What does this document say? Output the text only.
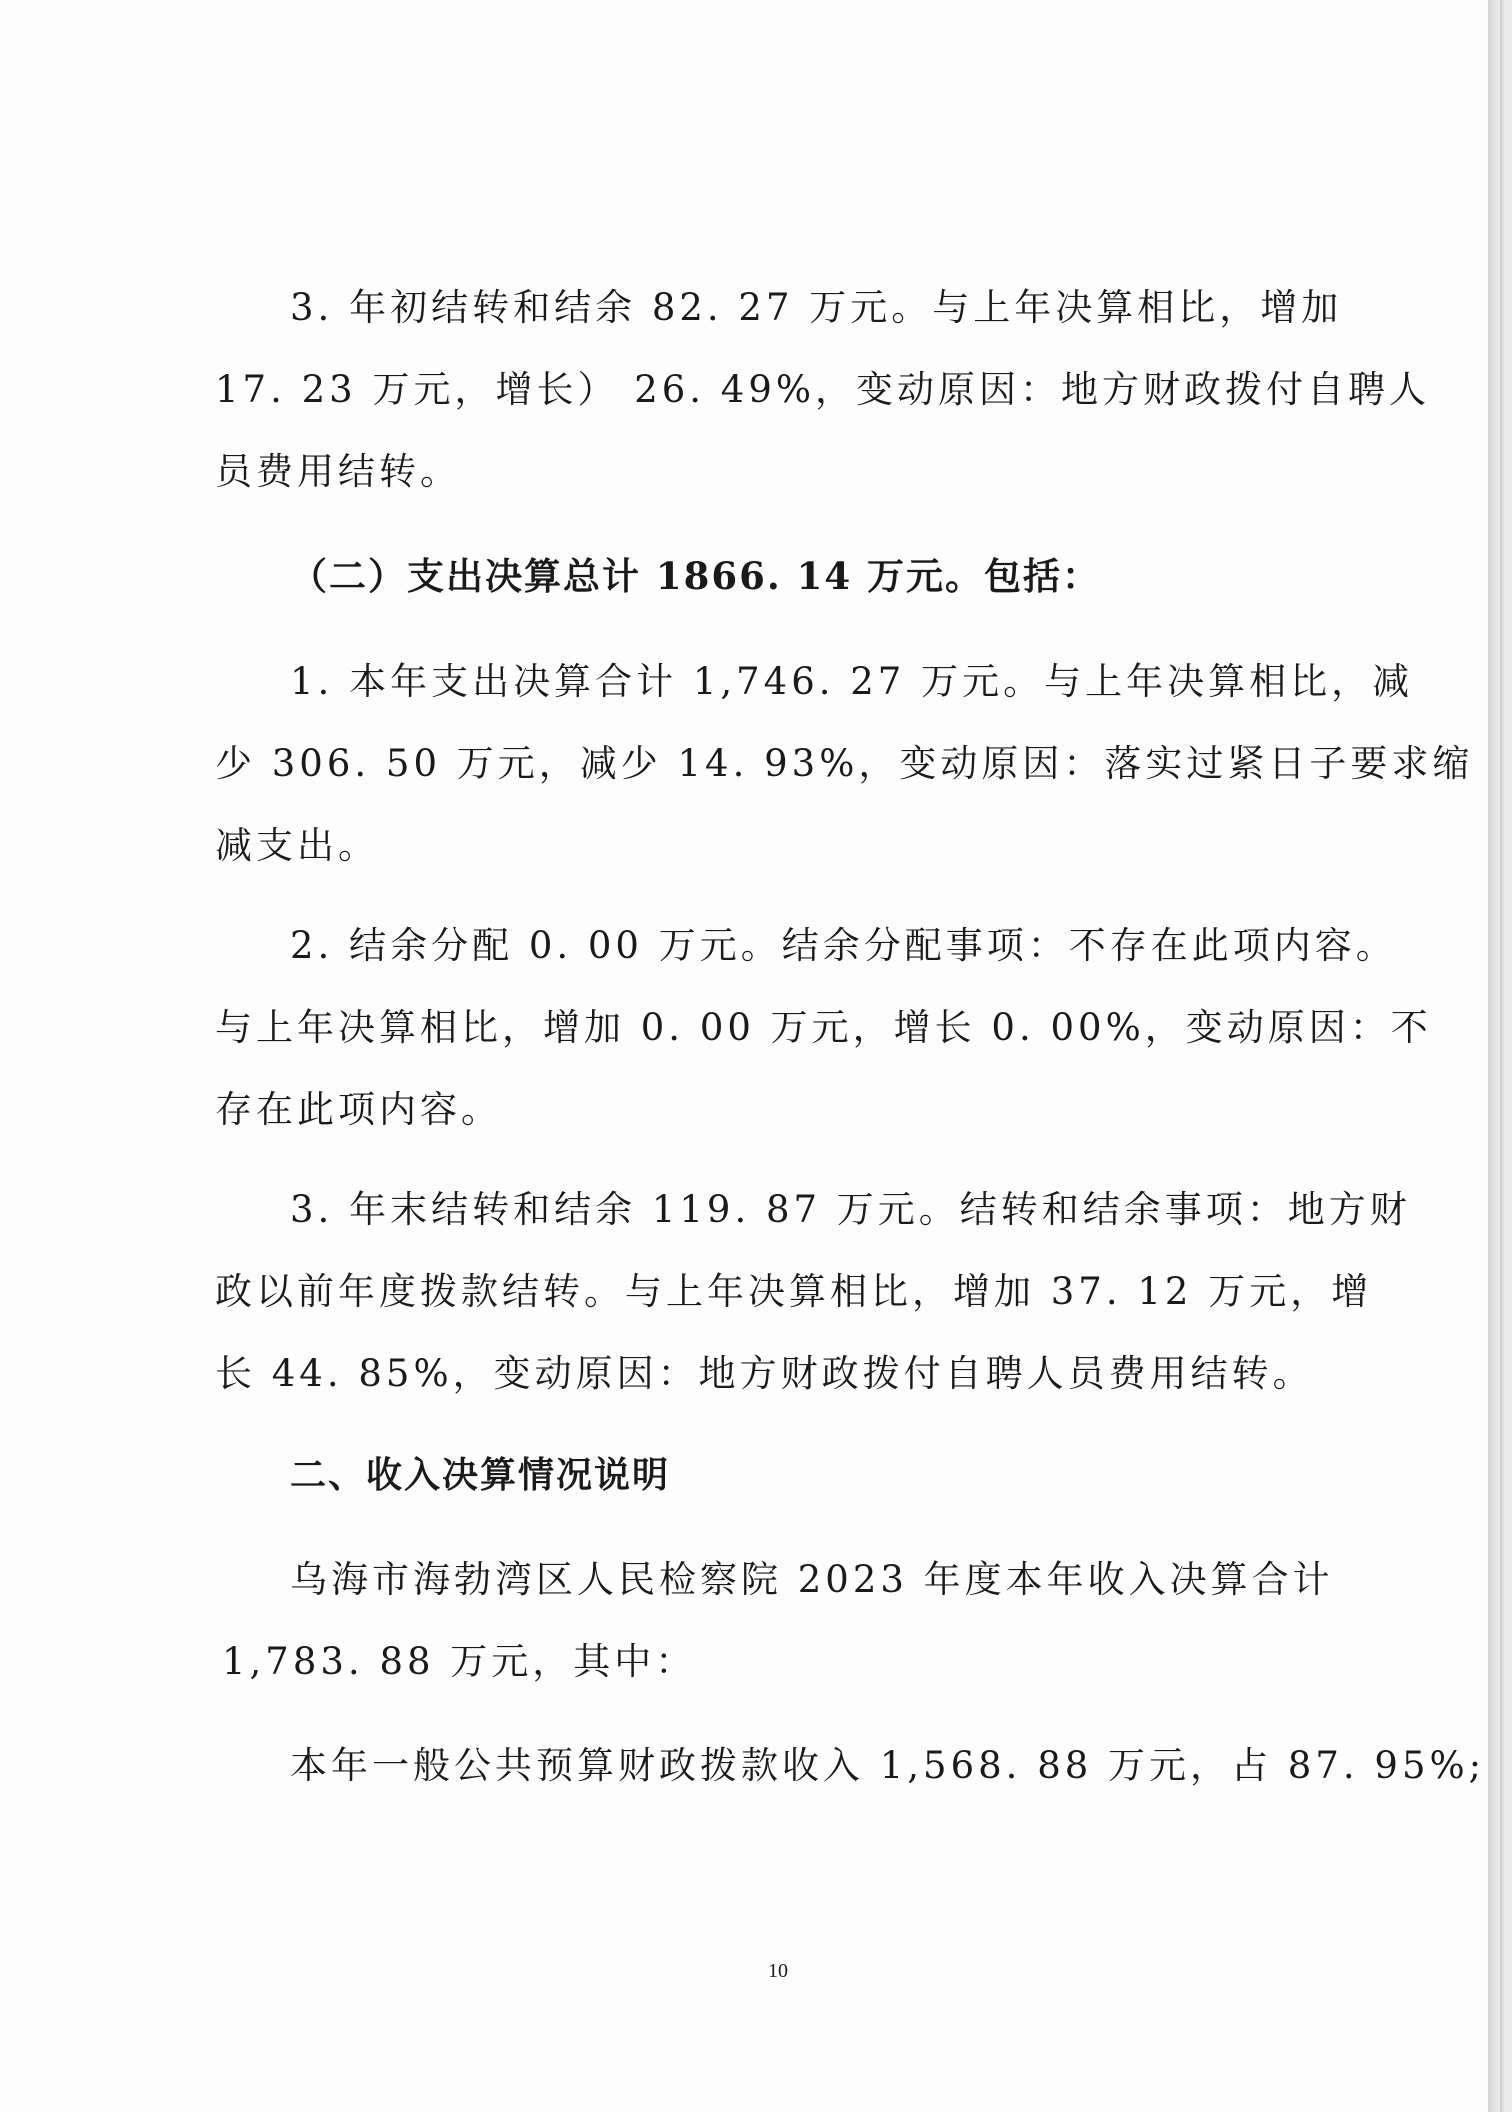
3. 年初结转和结余 82. 27 万元。与上年决算相比，增加
17. 23 万元，增长） 26. 49%，变动原因：地方财政拨付自聘人
员费用结转。
（二）支出决算总计 1866. 14 万元。包括：
1. 本年支出决算合计 1,746. 27 万元。与上年决算相比，减
少 306. 50 万元，减少 14. 93%，变动原因：落实过紧日子要求缩
减支出。
2. 结余分配 0. 00 万元。结余分配事项：不存在此项内容。
与上年决算相比，增加 0. 00 万元，增长 0. 00%，变动原因：不
存在此项内容。
3. 年末结转和结余 119. 87 万元。结转和结余事项：地方财
政以前年度拨款结转。与上年决算相比，增加 37. 12 万元，增
长 44. 85%，变动原因：地方财政拨付自聘人员费用结转。
二、收入决算情况说明
乌海市海勃湾区人民检察院 2023 年度本年收入决算合计
1,783. 88 万元，其中：
本年一般公共预算财政拨款收入 1,568. 88 万元，占 87. 95%;
10
